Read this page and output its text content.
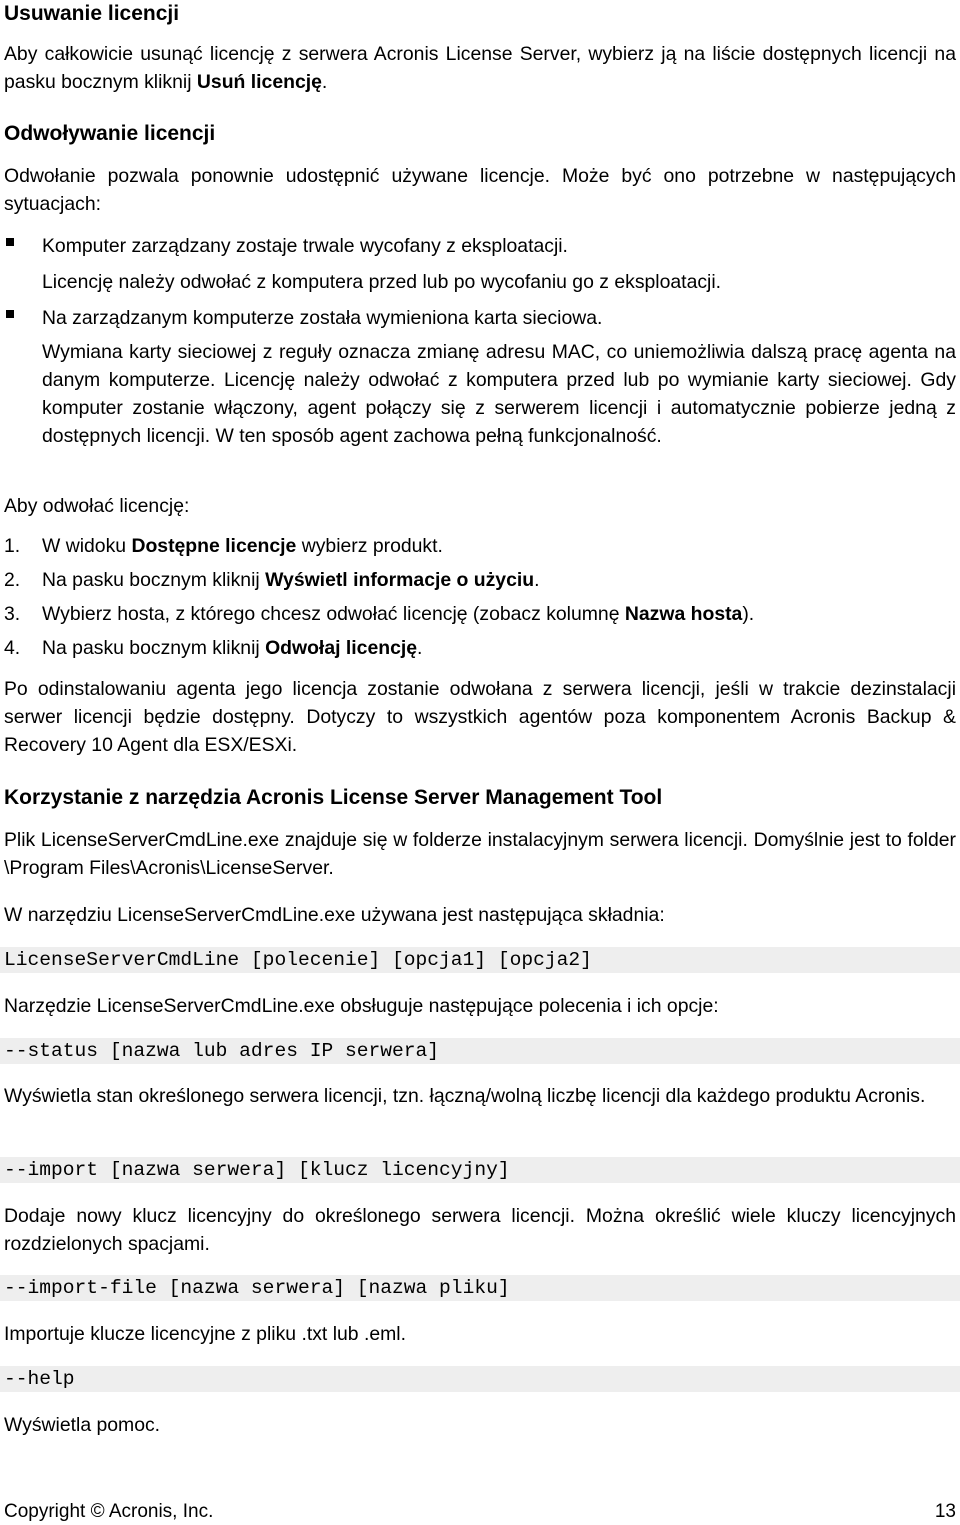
Usuwanie licencji

Aby całkowicie usunąć licencję z serwera Acronis License Server, wybierz ją na liście dostępnych licencji na pasku bocznym kliknij Usuń licencję.

Odwoływanie licencji

Odwołanie pozwala ponownie udostępnić używane licencje. Może być ono potrzebne w następujących sytuacjach:

Komputer zarządzany zostaje trwale wycofany z eksploatacji.

Licencję należy odwołać z komputera przed lub po wycofaniu go z eksploatacji.

Na zarządzanym komputerze została wymieniona karta sieciowa.

Wymiana karty sieciowej z reguły oznacza zmianę adresu MAC, co uniemożliwia dalszą pracę agenta na danym komputerze. Licencję należy odwołać z komputera przed lub po wymianie karty sieciowej. Gdy komputer zostanie włączony, agent połączy się z serwerem licencji i automatycznie pobierze jedną z dostępnych licencji. W ten sposób agent zachowa pełną funkcjonalność.

Aby odwołać licencję:

1. W widoku Dostępne licencje wybierz produkt.

2. Na pasku bocznym kliknij Wyświetl informacje o użyciu.

3. Wybierz hosta, z którego chcesz odwołać licencję (zobacz kolumnę Nazwa hosta).

4. Na pasku bocznym kliknij Odwołaj licencję.

Po odinstalowaniu agenta jego licencja zostanie odwołana z serwera licencji, jeśli w trakcie dezinstalacji serwer licencji będzie dostępny. Dotyczy to wszystkich agentów poza komponentem Acronis Backup & Recovery 10 Agent dla ESX/ESXi.

Korzystanie z narzędzia Acronis License Server Management Tool

Plik LicenseServerCmdLine.exe znajduje się w folderze instalacyjnym serwera licencji. Domyślnie jest to folder \Program Files\Acronis\LicenseServer.

W narzędziu LicenseServerCmdLine.exe używana jest następująca składnia:

LicenseServerCmdLine [polecenie] [opcja1] [opcja2]

Narzędzie LicenseServerCmdLine.exe obsługuje następujące polecenia i ich opcje:

--status [nazwa lub adres IP serwera]

Wyświetla stan określonego serwera licencji, tzn. łączną/wolną liczbę licencji dla każdego produktu Acronis.

--import [nazwa serwera] [klucz licencyjny]

Dodaje nowy klucz licencyjny do określonego serwera licencji. Można określić wiele kluczy licencyjnych rozdzielonych spacjami.

--import-file [nazwa serwera] [nazwa pliku]

Importuje klucze licencyjne z pliku .txt lub .eml.

--help

Wyświetla pomoc.

Copyright © Acronis, Inc.	13
